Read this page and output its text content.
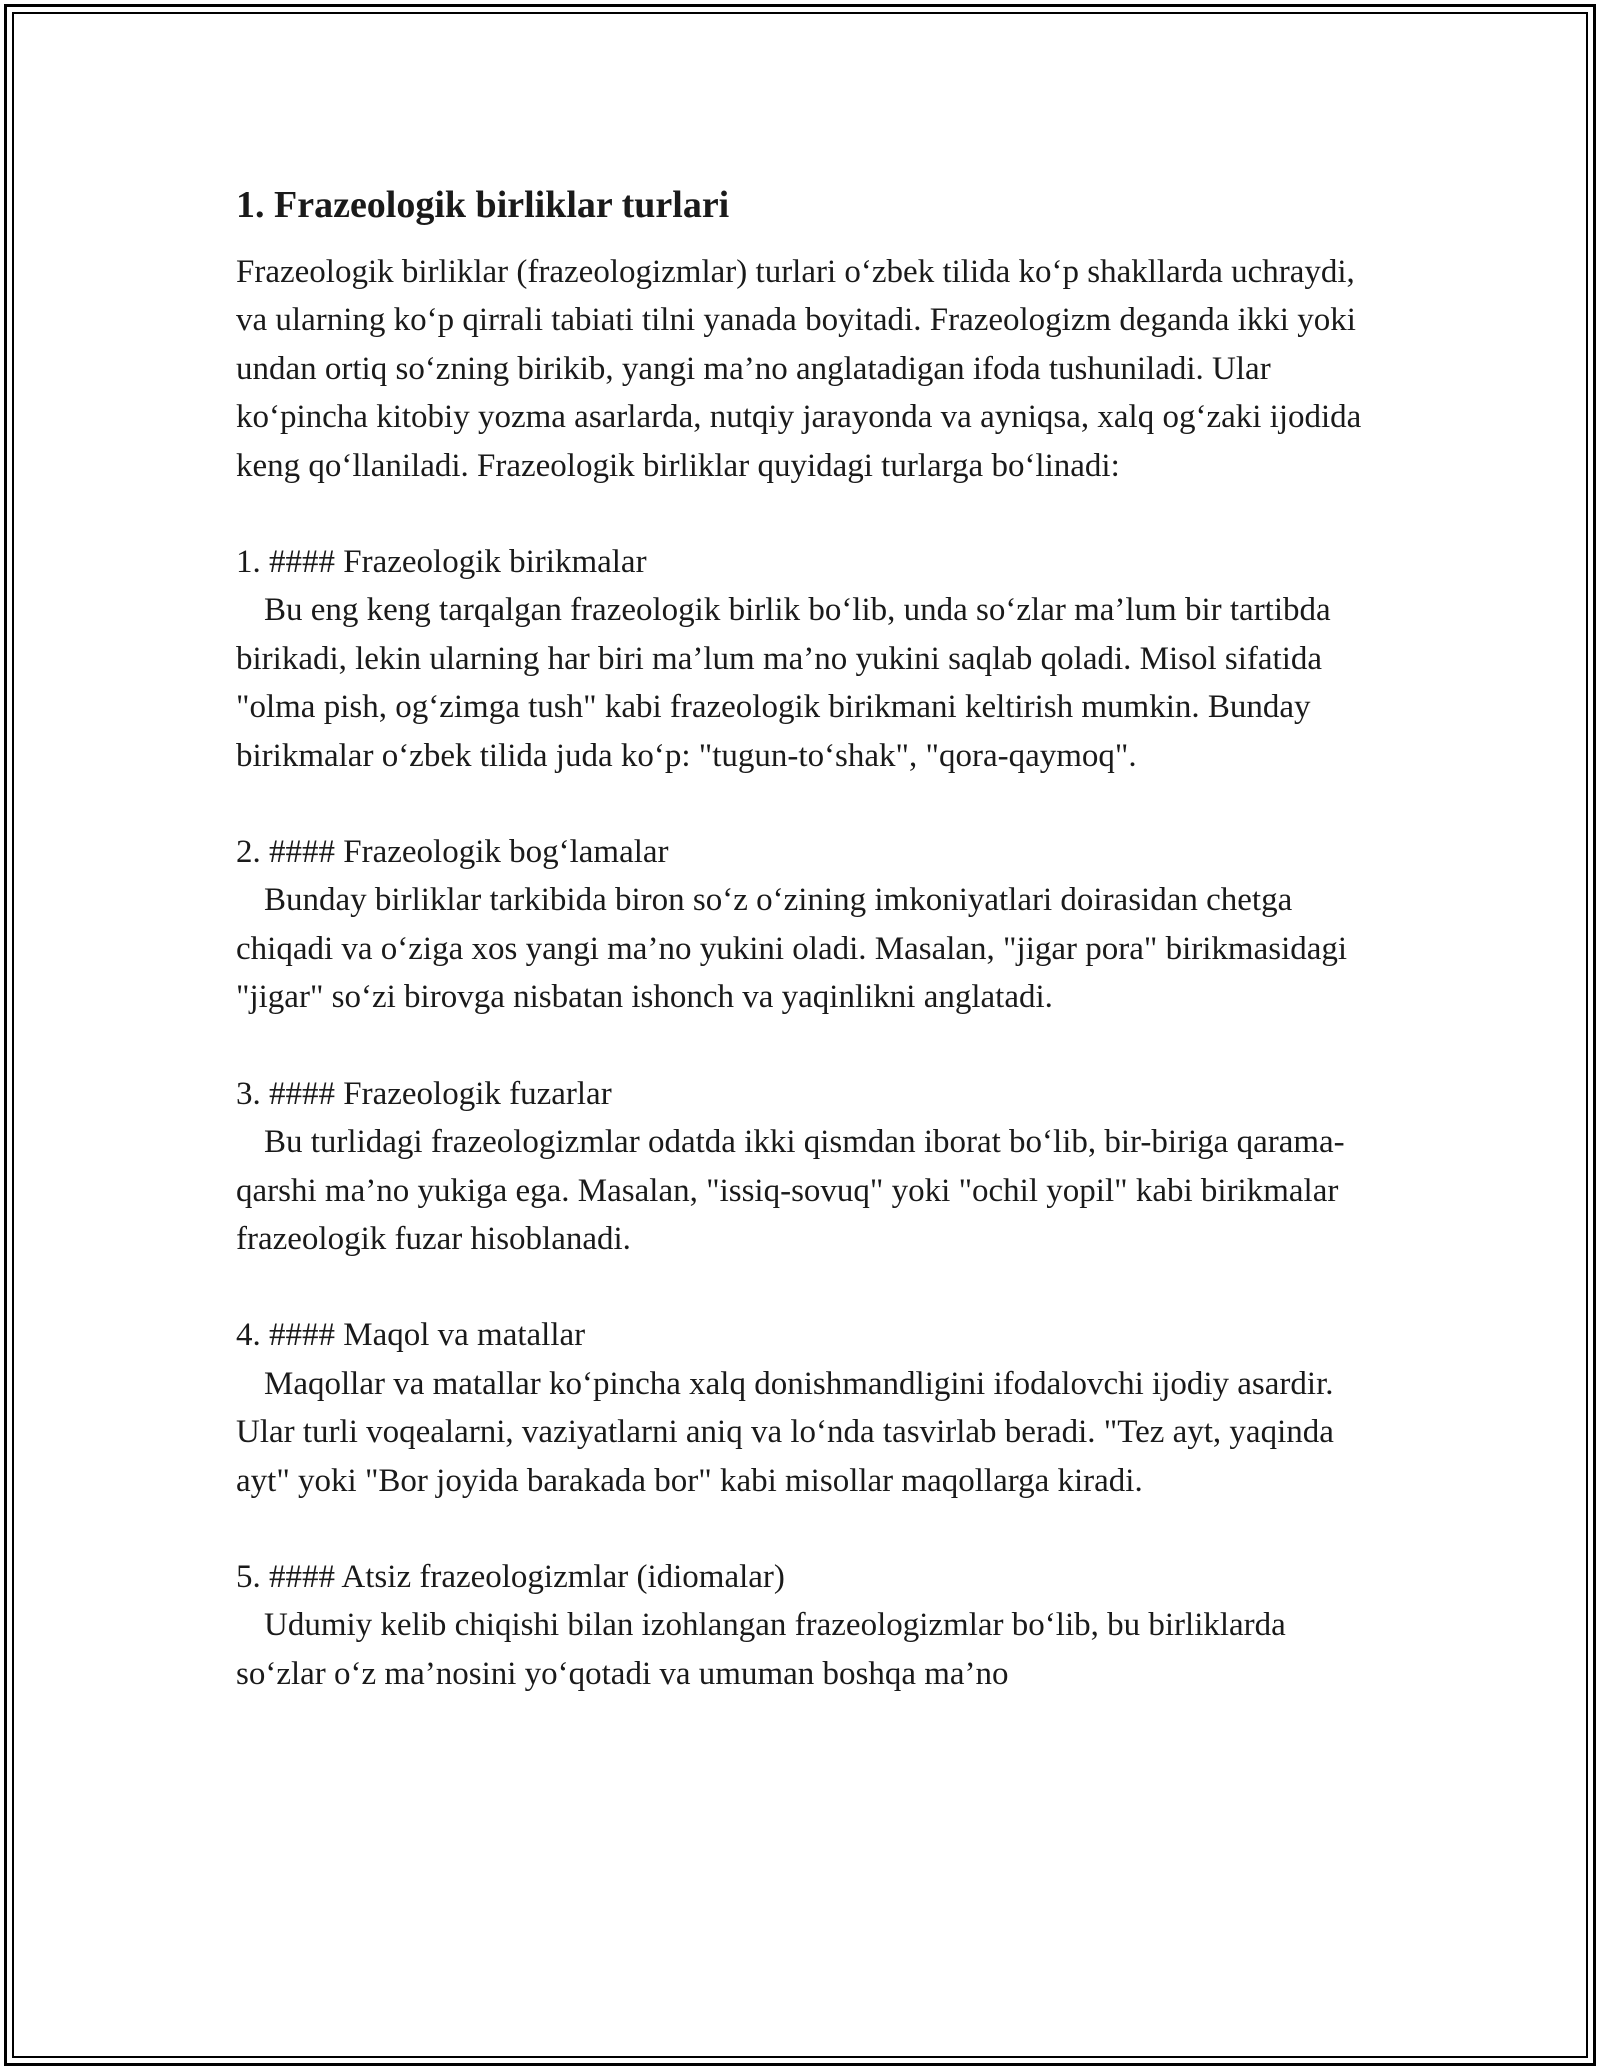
1. Frazeologik birliklar turlari

Frazeologik birliklar (frazeologizmlar) turlari o‘zbek tilida ko‘p shakllarda uchraydi, va ularning ko‘p qirrali tabiati tilni yanada boyitadi. Frazeologizm deganda ikki yoki undan ortiq so‘zning birikib, yangi ma’no anglatadigan ifoda tushuniladi. Ular ko‘pincha kitobiy yozma asarlarda, nutqiy jarayonda va ayniqsa, xalq og‘zaki ijodida keng qo‘llaniladi. Frazeologik birliklar quyidagi turlarga bo‘linadi:

1. #### Frazeologik birikmalar

Bu eng keng tarqalgan frazeologik birlik bo‘lib, unda so‘zlar ma’lum bir tartibda birikadi, lekin ularning har biri ma’lum ma’no yukini saqlab qoladi. Misol sifatida "olma pish, og‘zimga tush" kabi frazeologik birikmani keltirish mumkin. Bunday birikmalar o‘zbek tilida juda ko‘p: "tugun-to‘shak", "qora-qaymoq".

2. #### Frazeologik bog‘lamalar

Bunday birliklar tarkibida biron so‘z o‘zining imkoniyatlari doirasidan chetga chiqadi va o‘ziga xos yangi ma’no yukini oladi. Masalan, "jigar pora" birikmasidagi "jigar" so‘zi birovga nisbatan ishonch va yaqinlikni anglatadi.

3. #### Frazeologik fuzarlar

Bu turlidagi frazeologizmlar odatda ikki qismdan iborat bo‘lib, bir-biriga qarama-qarshi ma’no yukiga ega. Masalan, "issiq-sovuq" yoki "ochil yopil" kabi birikmalar frazeologik fuzar hisoblanadi.

4. #### Maqol va matallar

Maqollar va matallar ko‘pincha xalq donishmandligini ifodalovchi ijodiy asardir. Ular turli voqealarni, vaziyatlarni aniq va lo‘nda tasvirlab beradi. "Tez ayt, yaqinda ayt" yoki "Bor joyida barakada bor" kabi misollar maqollarga kiradi.

5. #### Atsiz frazeologizmlar (idiomalar)

Udumiy kelib chiqishi bilan izohlangan frazeologizmlar bo‘lib, bu birliklarda so‘zlar o‘z ma’nosini yo‘qotadi va umuman boshqa ma’no
